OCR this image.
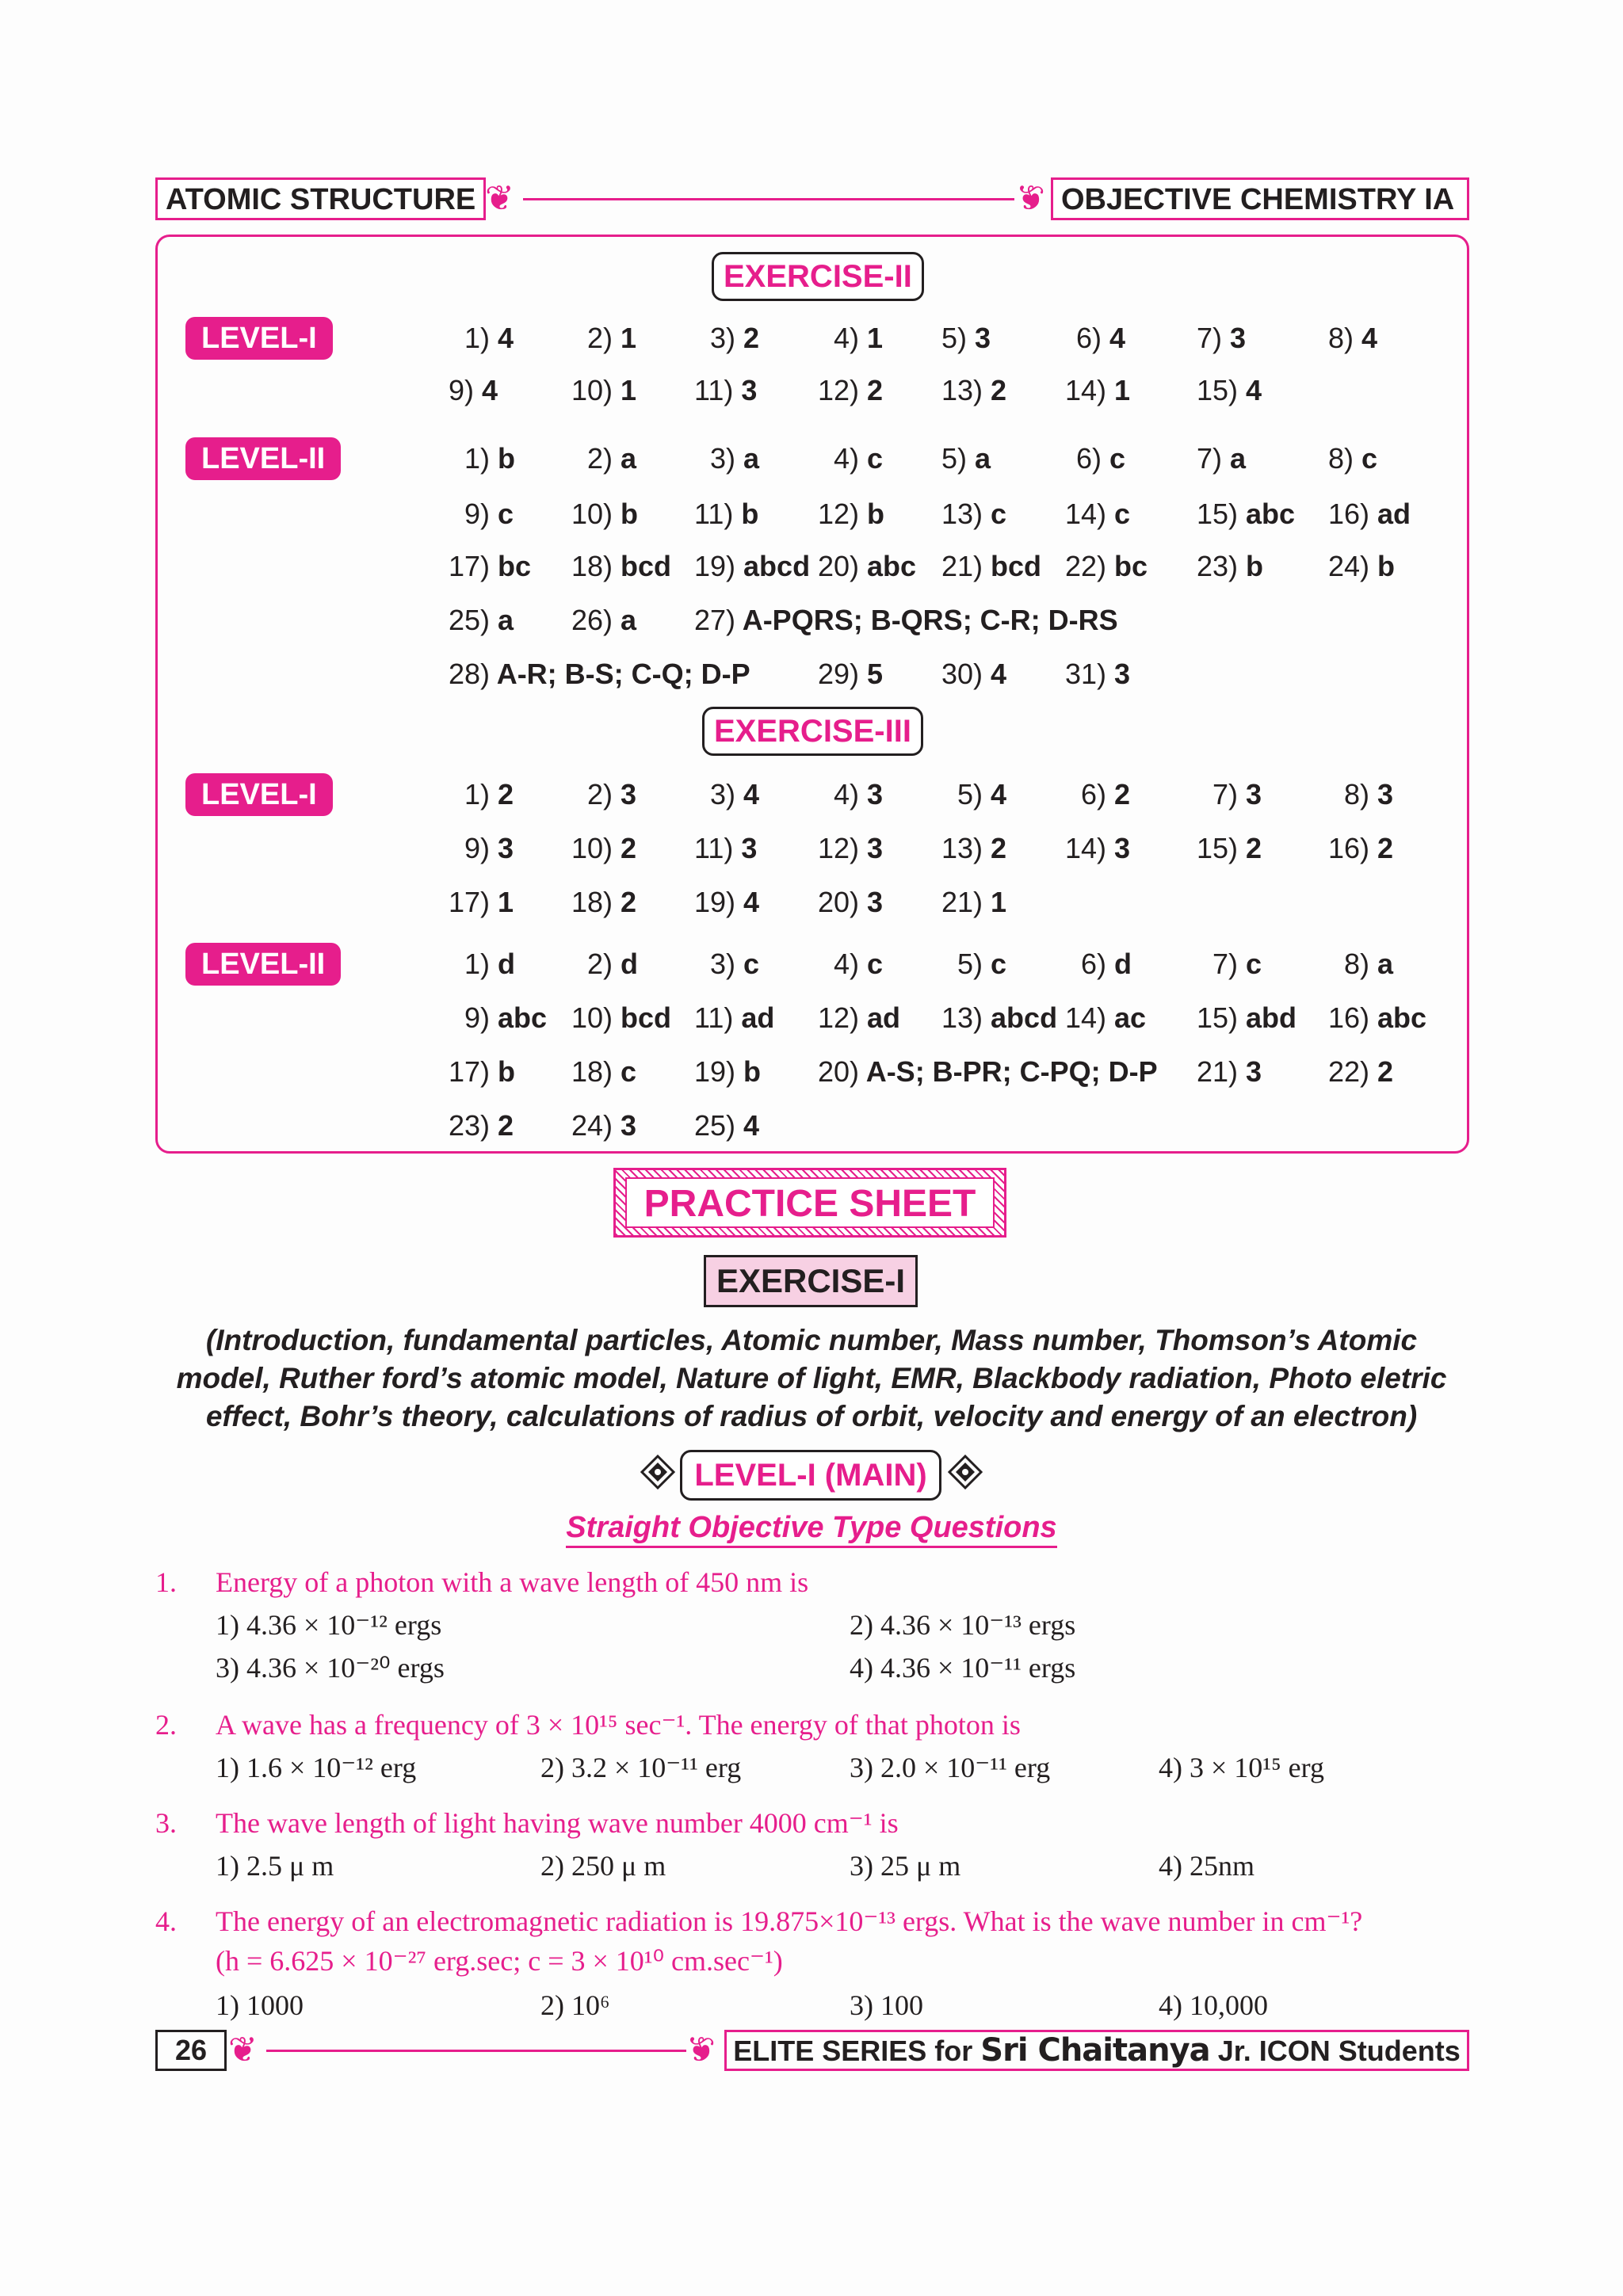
ATOMIC STRUCTURE ❦	❦ OBJECTIVE CHEMISTRY IA
EXERCISE-II
LEVEL-I
LEVEL-II
EXERCISE-III
LEVEL-I
LEVEL-II
1) 4	2) 1	3) 2	4) 1 5) 3	6) 4 7) 3	8) 4
9) 4	10) 1 11) 3 12) 2 13) 2 14) 1 15) 4
1) b	2) a	3) a	4) c 5) a	6) c 7) a	8) c
9) c 10) b 11) b 12) b 13) c 14) c 15) abc 16) ad
17) bc 18) bcd 19) abcd 20) abc 21) bcd 22) bc 23) b 24) b
25) a 26) a 27) A-PQRS; B-QRS; C-R; D-RS
28) A-R; B-S; C-Q; D-P 29) 5 30) 4 31) 3
1) 2	2) 3	3) 4	4) 3	5) 4	6) 2	7) 3	8) 3
9) 3 10) 2 11) 3 12) 3 13) 2 14) 3 15) 2 16) 2
17) 1 18) 2 19) 4 20) 3 21) 1
1) d	2) d	3) c	4) c	5) c	6) d	7) c	8) a
9) abc 10) bcd 11) ad 12) ad 13) abcd 14) ac 15) abd 16) abc
17) b 18) c 19) b 20) A-S; B-PR; C-PQ; D-P 21) 3 22) 2
23) 2 24) 3 25) 4
PRACTICE SHEET
EXERCISE-I
(Introduction, fundamental particles, Atomic number, Mass number, Thomson’s Atomic model, Ruther ford’s atomic model, Nature of light, EMR, Blackbody radiation, Photo eletric effect, Bohr’s theory, calculations of radius of orbit, velocity and energy of an electron)
LEVEL-I (MAIN)
Straight Objective Type Questions
1. Energy of a photon with a wave length of 450 nm is
1) 4.36 × 10⁻¹² ergs	2) 4.36 × 10⁻¹³ ergs
3) 4.36 × 10⁻²⁰ ergs	4) 4.36 × 10⁻¹¹ ergs
2. A wave has a frequency of 3 × 10¹⁵ sec⁻¹. The energy of that photon is
1) 1.6 × 10⁻¹² erg	2) 3.2 × 10⁻¹¹ erg	3) 2.0 × 10⁻¹¹ erg	4) 3 × 10¹⁵ erg
3. The wave length of light having wave number 4000 cm⁻¹ is
1) 2.5 μ m	2) 250 μ m	3) 25 μ m	4) 25nm
4. The energy of an electromagnetic radiation is 19.875×10⁻¹³ ergs. What is the wave number in cm⁻¹?
(h = 6.625 × 10⁻²⁷ erg.sec; c = 3 × 10¹⁰ cm.sec⁻¹)
1) 1000	2) 10⁶	3) 100	4) 10,000
26 ❦	❦ ELITE SERIES for Sri Chaitanya Jr. ICON Students
